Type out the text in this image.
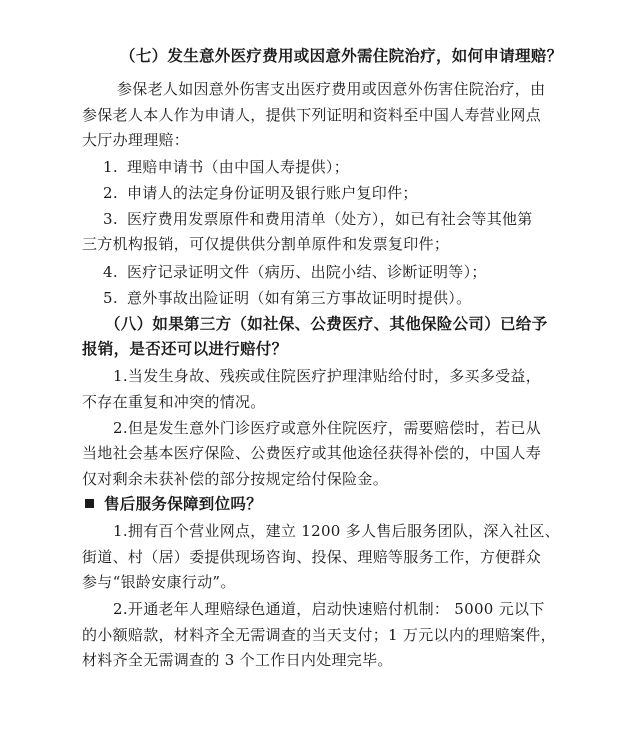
（七）发生意外医疗费用或因意外需住院治疗，如何申请理赔？
参保老人如因意外伤害支出医疗费用或因意外伤害住院治疗，由
参保老人本人作为申请人，提供下列证明和资料至中国人寿营业网点
大厅办理理赔：
1. 理赔申请书（由中国人寿提供）；
2. 申请人的法定身份证明及银行账户复印件；
3. 医疗费用发票原件和费用清单（处方），如已有社会等其他第
三方机构报销，可仅提供供分割单原件和发票复印件；
4. 医疗记录证明文件（病历、出院小结、诊断证明等）；
5. 意外事故出险证明（如有第三方事故证明时提供）。
（八）如果第三方（如社保、公费医疗、其他保险公司）已给予
报销，是否还可以进行赔付？
1.当发生身故、残疾或住院医疗护理津贴给付时，多买多受益，
不存在重复和冲突的情况。
2.但是发生意外门诊医疗或意外住院医疗，需要赔偿时，若已从
当地社会基本医疗保险、公费医疗或其他途径获得补偿的，中国人寿
仅对剩余未获补偿的部分按规定给付保险金。
售后服务保障到位吗？
1.拥有百个营业网点，建立 1200 多人售后服务团队，深入社区、
街道、村（居）委提供现场咨询、投保、理赔等服务工作，方便群众
参与“银龄安康行动”。
2.开通老年人理赔绿色通道，启动快速赔付机制： 5000 元以下
的小额赔款，材料齐全无需调查的当天支付；1 万元以内的理赔案件，
材料齐全无需调查的 3 个工作日内处理完毕。
